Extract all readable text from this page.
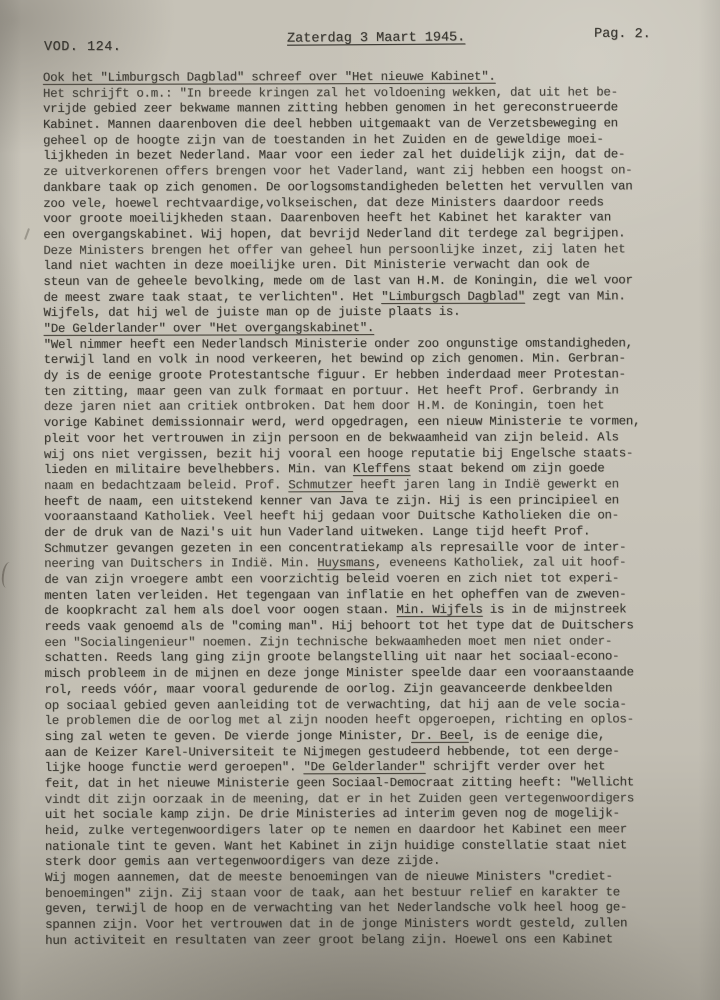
VOD. 124.
Zaterdag 3 Maart 1945.	Pag. 2.
Ook het "Limburgsch Dagblad" schreef over "Het nieuwe Kabinet".
Het schrijft o.m.: "In breede kringen zal het voldoening wekken, dat uit het be-
vrijde gebied zeer bekwame mannen zitting hebben genomen in het gereconstrueerde
Kabinet. Mannen daarenboven die deel hebben uitgemaakt van de Verzetsbeweging en
geheel op de hoogte zijn van de toestanden in het Zuiden en de geweldige moei-
lijkheden in bezet Nederland. Maar voor een ieder zal het duidelijk zijn, dat de-
ze uitverkorenen offers brengen voor het Vaderland, want zij hebben een hoogst on-
dankbare taak op zich genomen. De oorlogsomstandigheden beletten het vervullen van
zoo vele, hoewel rechtvaardige,volkseischen, dat deze Ministers daardoor reeds
voor groote moeilijkheden staan. Daarenboven heeft het Kabinet het karakter van
een overgangskabinet. Wij hopen, dat bevrijd Nederland dit terdege zal begrijpen.
Deze Ministers brengen het offer van geheel hun persoonlijke inzet, zij laten het
land niet wachten in deze moeilijke uren. Dit Ministerie verwacht dan ook de
steun van de geheele bevolking, mede om de last van H.M. de Koningin, die wel voor
de meest zware taak staat, te verlichten". Het "Limburgsch Dagblad" zegt van Min.
Wijfels, dat hij wel de juiste man op de juiste plaats is.
"De Gelderlander" over "Het overgangskabinet".
"Wel nimmer heeft een Nederlandsch Ministerie onder zoo ongunstige omstandigheden,
terwijl land en volk in nood verkeeren, het bewind op zich genomen. Min. Gerbran-
dy is de eenige groote Protestantsche figuur. Er hebben inderdaad meer Protestan-
ten zitting, maar geen van zulk formaat en portuur. Het heeft Prof. Gerbrandy in
deze jaren niet aan critiek ontbroken. Dat hem door H.M. de Koningin, toen het
vorige Kabinet demissionnair werd, werd opgedragen, een nieuw Ministerie te vormen,
pleit voor het vertrouwen in zijn persoon en de bekwaamheid van zijn beleid. Als
wij ons niet vergissen, bezit hij vooral een hooge reputatie bij Engelsche staats-
lieden en militaire bevelhebbers. Min. van Kleffens staat bekend om zijn goede
naam en bedachtzaam beleid. Prof. Schmutzer heeft jaren lang in Indië gewerkt en
heeft de naam, een uitstekend kenner van Java te zijn. Hij is een principieel en
vooraanstaand Katholiek. Veel heeft hij gedaan voor Duitsche Katholieken die on-
der de druk van de Nazi's uit hun Vaderland uitweken. Lange tijd heeft Prof.
Schmutzer gevangen gezeten in een concentratiekamp als represaille voor de inter-
neering van Duitschers in Indië. Min. Huysmans, eveneens Katholiek, zal uit hoof-
de van zijn vroegere ambt een voorzichtig beleid voeren en zich niet tot experi-
menten laten verleiden. Het tegengaan van inflatie en het opheffen van de zweven-
de koopkracht zal hem als doel voor oogen staan. Min. Wijfels is in de mijnstreek
reeds vaak genoemd als de "coming man". Hij behoort tot het type dat de Duitschers
een "Socialingenieur" noemen. Zijn technische bekwaamheden moet men niet onder-
schatten. Reeds lang ging zijn groote belangstelling uit naar het sociaal-econo-
misch probleem in de mijnen en deze jonge Minister speelde daar een vooraanstaande
rol, reeds vóór, maar vooral gedurende de oorlog. Zijn geavanceerde denkbeelden
op sociaal gebied geven aanleiding tot de verwachting, dat hij aan de vele socia-
le problemen die de oorlog met al zijn nooden heeft opgeroepen, richting en oplos-
sing zal weten te geven. De vierde jonge Minister, Dr. Beel, is de eenige die,
aan de Keizer Karel-Universiteit te Nijmegen gestudeerd hebbende, tot een derge-
lijke hooge functie werd geroepen". "De Gelderlander" schrijft verder over het
feit, dat in het nieuwe Ministerie geen Sociaal-Democraat zitting heeft: "Wellicht
vindt dit zijn oorzaak in de meening, dat er in het Zuiden geen vertegenwoordigers
uit het sociale kamp zijn. De drie Ministeries ad interim geven nog de mogelijk-
heid, zulke vertegenwoordigers later op te nemen en daardoor het Kabinet een meer
nationale tint te geven. Want het Kabinet in zijn huidige constellatie staat niet
sterk door gemis aan vertegenwoordigers van deze zijde.
Wij mogen aannemen, dat de meeste benoemingen van de nieuwe Ministers "crediet-
benoemingen" zijn. Zij staan voor de taak, aan het bestuur relief en karakter te
geven, terwijl de hoop en de verwachting van het Nederlandsche volk heel hoog ge-
spannen zijn. Voor het vertrouwen dat in de jonge Ministers wordt gesteld, zullen
hun activiteit en resultaten van zeer groot belang zijn. Hoewel ons een Kabinet
